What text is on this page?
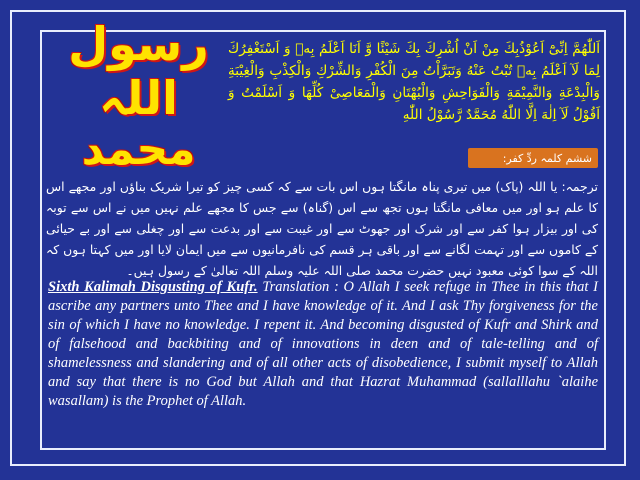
رسول اللہ
محمد

اَللّٰهُمَّ اِنِّىْٓ اَعُوْذُبِكَ مِنْ اَنْ اُشْرِكَ بِكَ شَيْئًا وَّ اَنَا اَعْلَمُ بِهٖ وَ اَسْتَغْفِرُكَ لِمَا لَآ اَعْلَمُ بِهٖ تُبْتُ عَنْهُ وَتَبَرَّاْتُ مِنَ الْكُفْرِ وَالشِّرْكِ وَالْكِذْبِ وَالْغِيْبَةِ وَالْبِدْعَةِ وَالنَّمِيْمَةِ وَالْفَوَاحِشِ وَالْبُهْتَانِ وَالْمَعَاصِىْ كُلِّهَا وَ اَسْلَمْتُ وَ اَقُوْلُ لَآ اِلٰهَ اِلَّا اللّٰهُ مُحَمَّدٌ رَّسُوْلُ اللّٰهِ

ششم کلمہ ردِّ کفر:

ترجمہ: یا اللہ (پاک) میں تیری پناہ مانگتا ہوں اس بات سے کہ کسی چیز کو تیرا شریک بناؤں اور مجھے اس کا علم ہو اور میں معافی مانگتا ہوں تجھ سے اس (گناہ) سے جس کا مجھے علم نہیں میں نے اس سے توبہ کی اور بیزار ہوا کفر سے اور شرک اور جھوٹ سے اور غیبت سے اور بدعت سے اور چغلی سے اور بے حیائی کے کاموں سے اور تہمت لگانے سے اور باقی ہر قسم کی نافرمانیوں سے میں ایمان لایا اور میں کہتا ہوں کہ اللہ کے سوا کوئی معبود نہیں حضرت محمد صلی اللہ علیہ وسلم اللہ تعالیٰ کے رسول ہیں۔

Sixth Kalimah Disgusting of Kufr. Translation : O Allah I seek refuge in Thee in this that I ascribe any partners unto Thee and I have knowledge of it. And I ask Thy forgiveness for the sin of which I have no knowledge. I repent it. And becoming disgusted of Kufr and Shirk and of falsehood and backbiting and of innovations in deen and of tale-telling and of shamelessness and slandering and of all other acts of disobedience, I submit myself to Allah and say that there is no God but Allah and that Hazrat Muhammad (sallalllahu `alaihe wasallam) is the Prophet of Allah.
